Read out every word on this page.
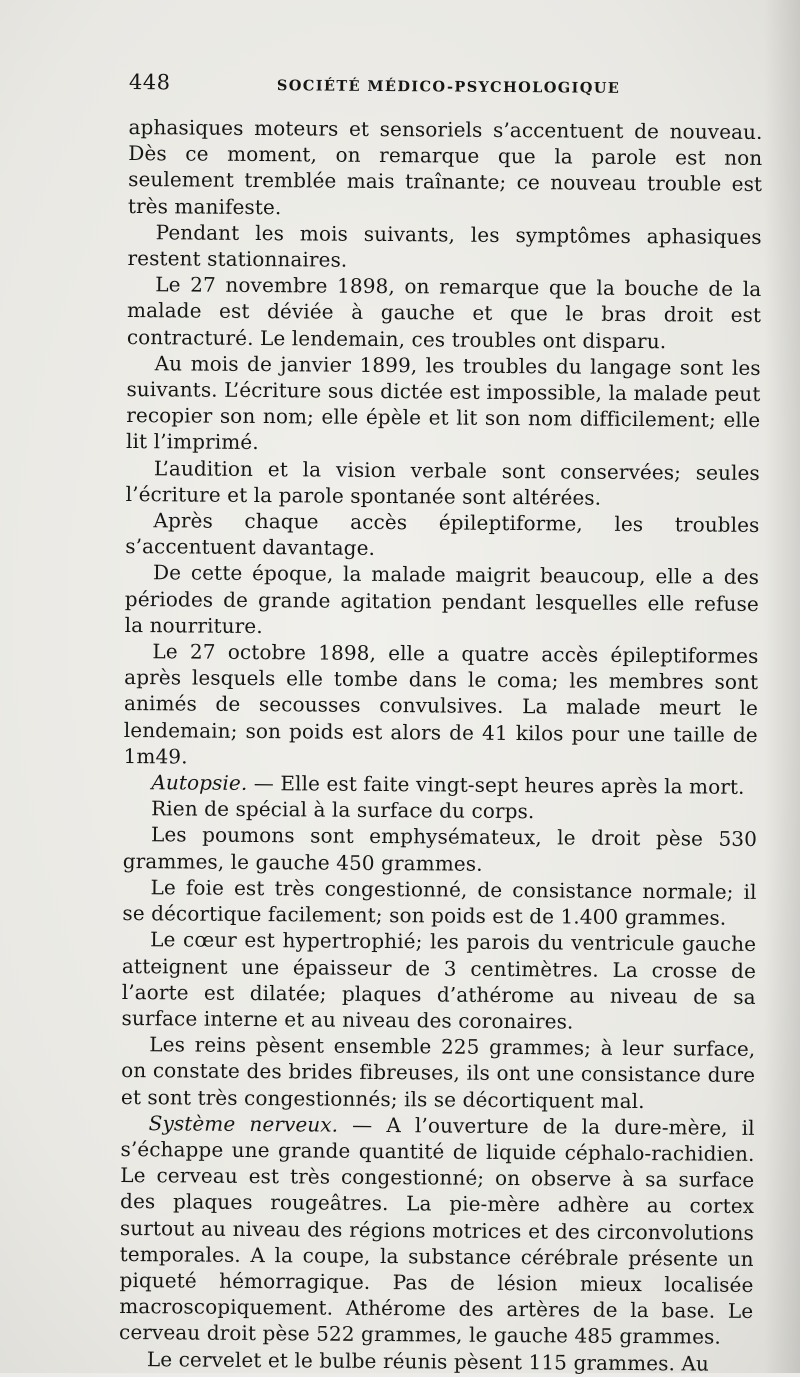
448	SOCIÉTÉ MÉDICO-PSYCHOLOGIQUE

aphasiques moteurs et sensoriels s’accentuent de nouveau. Dès ce moment, on remarque que la parole est non seulement tremblée mais traînante; ce nouveau trouble est très manifeste.

Pendant les mois suivants, les symptômes aphasiques restent stationnaires.

Le 27 novembre 1898, on remarque que la bouche de la malade est déviée à gauche et que le bras droit est contracturé. Le lendemain, ces troubles ont disparu.

Au mois de janvier 1899, les troubles du langage sont les suivants. L’écriture sous dictée est impossible, la malade peut recopier son nom; elle épèle et lit son nom difficilement; elle lit l’imprimé.

L’audition et la vision verbale sont conservées; seules l’écriture et la parole spontanée sont altérées.

Après chaque accès épileptiforme, les troubles s’accentuent davantage.

De cette époque, la malade maigrit beaucoup, elle a des périodes de grande agitation pendant lesquelles elle refuse la nourriture.

Le 27 octobre 1898, elle a quatre accès épileptiformes après lesquels elle tombe dans le coma; les membres sont animés de secousses convulsives. La malade meurt le lendemain; son poids est alors de 41 kilos pour une taille de 1m49.

Autopsie. — Elle est faite vingt-sept heures après la mort.

Rien de spécial à la surface du corps.

Les poumons sont emphysémateux, le droit pèse 530 grammes, le gauche 450 grammes.

Le foie est très congestionné, de consistance normale; il se décortique facilement; son poids est de 1.400 grammes.

Le cœur est hypertrophié; les parois du ventricule gauche atteignent une épaisseur de 3 centimètres. La crosse de l’aorte est dilatée; plaques d’athérome au niveau de sa surface interne et au niveau des coronaires.

Les reins pèsent ensemble 225 grammes; à leur surface, on constate des brides fibreuses, ils ont une consistance dure et sont très congestionnés; ils se décortiquent mal.

Système nerveux. — A l’ouverture de la dure-mère, il s’échappe une grande quantité de liquide céphalo-rachidien. Le cerveau est très congestionné; on observe à sa surface des plaques rougeâtres. La pie-mère adhère au cortex surtout au niveau des régions motrices et des circonvolutions temporales. A la coupe, la substance cérébrale présente un piqueté hémorragique. Pas de lésion mieux localisée macroscopiquement. Athérome des artères de la base. Le cerveau droit pèse 522 grammes, le gauche 485 grammes.

Le cervelet et le bulbe réunis pèsent 115 grammes. Au
